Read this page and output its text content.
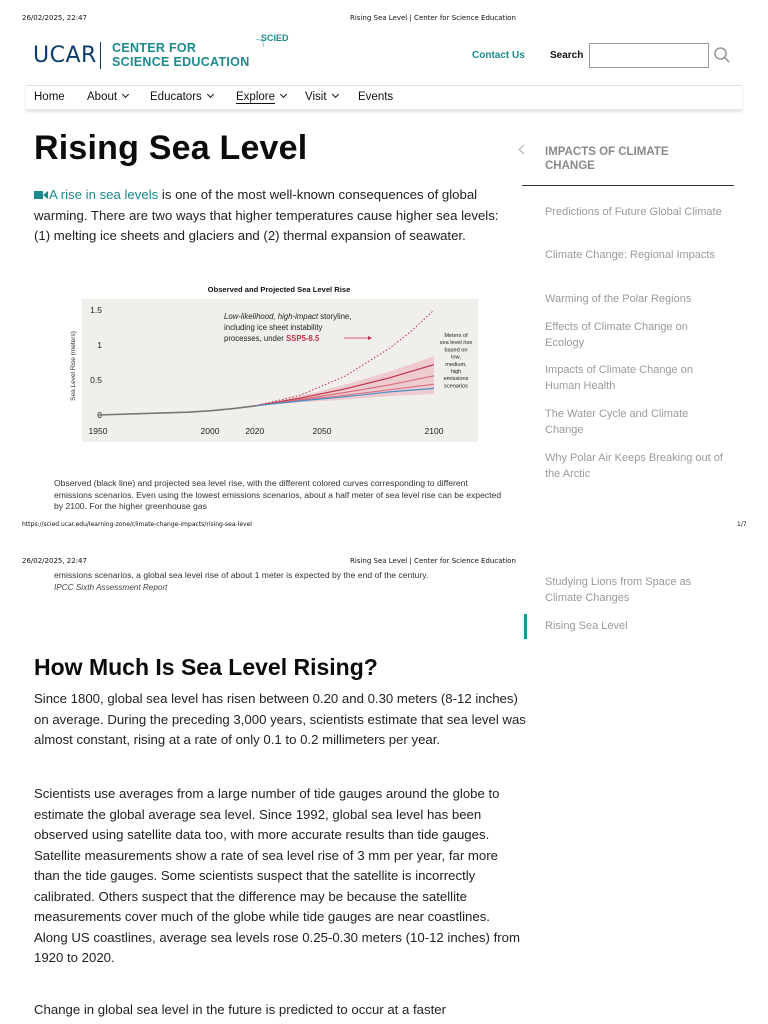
26/02/2025, 22:47	Rising Sea Level | Center for Science Education
https://scied.ucar.edu/learning-zone/climate-change-impacts/rising-sea-level	1/7
26/02/2025, 22:47	Rising Sea Level | Center for Science Education
UCAR CENTER FOR
SCIENCE EDUCATION
SCIED
Contact Us	Search
Home About	Educators	Explore	Visit	Events
Rising Sea Level

A rise in sea levels is one of the most well-known consequences of global warming. There are two ways that higher temperatures cause higher sea levels: (1) melting ice sheets and glaciers and (2) thermal expansion of seawater.

Observed and Projected Sea Level Rise
Sea Level Rise (meters)
0
0.5
1
1.5
1950	2000	2020	2050	2100
Low-likelihood, high-impact storyline,
including ice sheet instability
processes, under SSP5-8.5	Meters of
sea level rise
based on
low,
medium,
high
emissions
scenarios
Observed (black line) and projected sea level rise, with the different colored curves corresponding to different emissions scenarios. Even using the lowest emissions scenarios, about a half meter of sea level rise can be expected by 2100. For the higher greenhouse gas
emissions scenarios, a global sea level rise of about 1 meter is expected by the end of the century.
IPCC Sixth Assessment Report
How Much Is Sea Level Rising?

Since 1800, global sea level has risen between 0.20 and 0.30 meters (8-12 inches) on average. During the preceding 3,000 years, scientists estimate that sea level was almost constant, rising at a rate of only 0.1 to 0.2 millimeters per year.

Scientists use averages from a large number of tide gauges around the globe to estimate the global average sea level. Since 1992, global sea level has been observed using satellite data too, with more accurate results than tide gauges. Satellite measurements show a rate of sea level rise of 3 mm per year, far more than the tide gauges. Some scientists suspect that the satellite is incorrectly calibrated. Others suspect that the difference may be because the satellite measurements cover much of the globe while tide gauges are near coastlines. Along US coastlines, average sea levels rose 0.25-0.30 meters (10-12 inches) from 1920 to 2020.

Change in global sea level in the future is predicted to occur at a faster

IMPACTS OF CLIMATE CHANGE
Predictions of Future Global Climate
Climate Change: Regional Impacts
Warming of the Polar Regions
Effects of Climate Change on Ecology
Impacts of Climate Change on Human Health
The Water Cycle and Climate Change
Why Polar Air Keeps Breaking out of the Arctic
Studying Lions from Space as Climate Changes
Rising Sea Level
